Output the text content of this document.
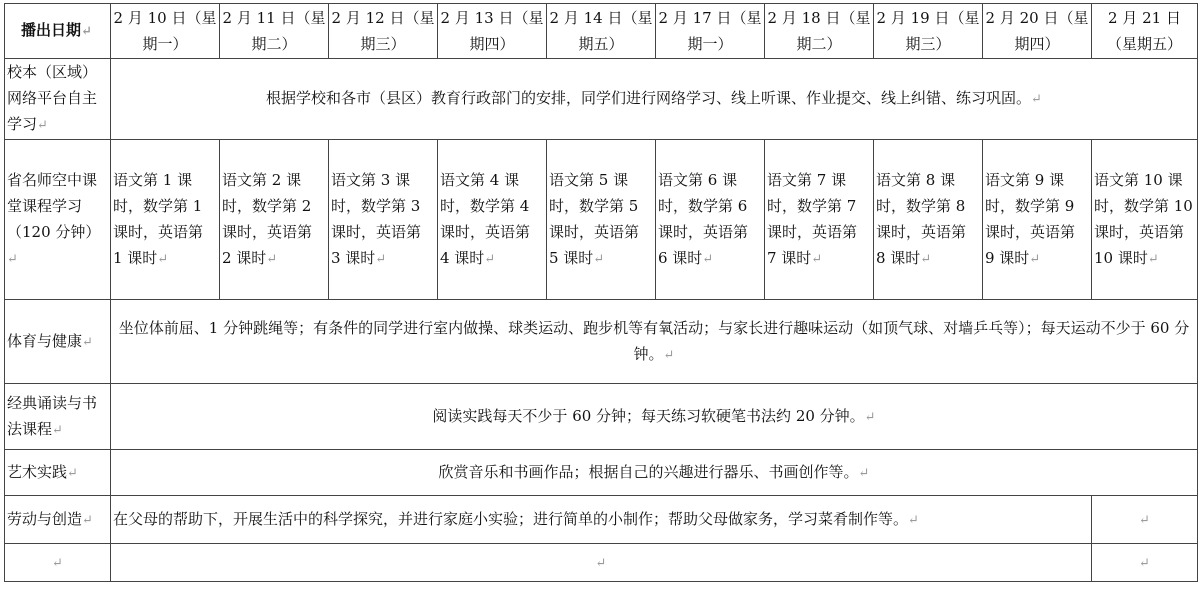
播出日期↵	2 月 10 日（星期一）	2 月 11 日（星期二）	2 月 12 日（星期三）	2 月 13 日（星期四）	2 月 14 日（星期五）	2 月 17 日（星期一）	2 月 18 日（星期二）	2 月 19 日（星期三）	2 月 20 日（星期四）	2 月 21 日（星期五）
校本（区域）网络平台自主学习↵	根据学校和各市（县区）教育行政部门的安排，同学们进行网络学习、线上听课、作业提交、线上纠错、练习巩固。↵									
省名师空中课堂课程学习（120 分钟）↵	语文第 1 课时，数学第 1 课时，英语第 1 课时↵	语文第 2 课时，数学第 2 课时，英语第 2 课时↵	语文第 3 课时，数学第 3 课时，英语第 3 课时↵	语文第 4 课时，数学第 4 课时，英语第 4 课时↵	语文第 5 课时，数学第 5 课时，英语第 5 课时↵	语文第 6 课时，数学第 6 课时，英语第 6 课时↵	语文第 7 课时，数学第 7 课时，英语第 7 课时↵	语文第 8 课时，数学第 8 课时，英语第 8 课时↵	语文第 9 课时，数学第 9 课时，英语第 9 课时↵	语文第 10 课时，数学第 10 课时，英语第 10 课时↵
体育与健康↵	坐位体前屈、1 分钟跳绳等；有条件的同学进行室内做操、球类运动、跑步机等有氧活动；与家长进行趣味运动（如顶气球、对墙乒乓等）；每天运动不少于 60 分钟。↵									
经典诵读与书法课程↵	阅读实践每天不少于 60 分钟；每天练习软硬笔书法约 20 分钟。↵									
艺术实践↵	欣赏音乐和书画作品；根据自己的兴趣进行器乐、书画创作等。↵									
劳动与创造↵	在父母的帮助下，开展生活中的科学探究，并进行家庭小实验；进行简单的小制作；帮助父母做家务，学习菜肴制作等。↵									↵
↵	↵									↵
